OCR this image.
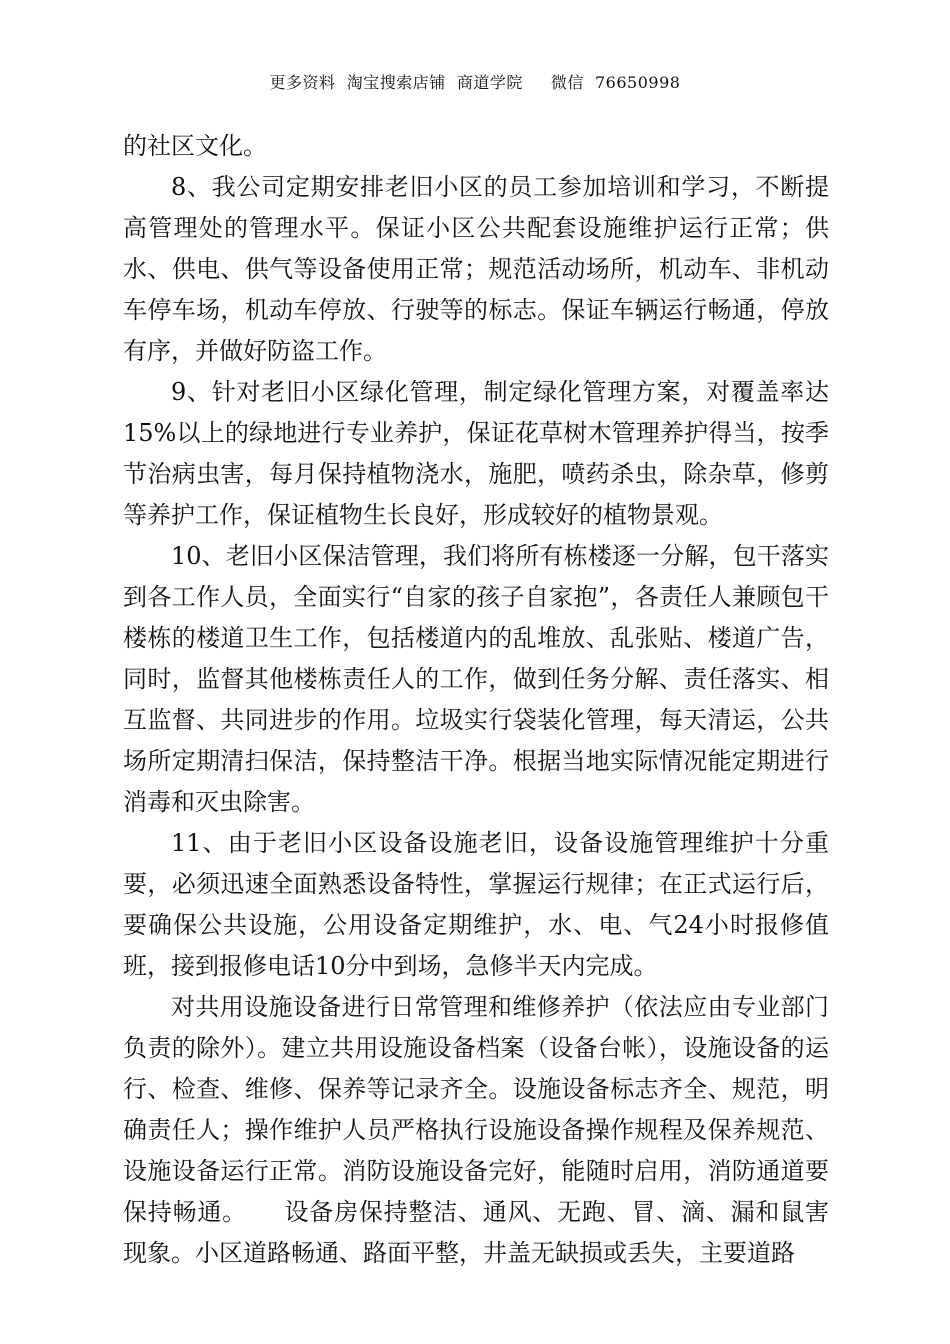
更多资料  淘宝搜索店铺  商道学院     微信  76650998

的社区文化。

8、我公司定期安排老旧小区的员工参加培训和学习，不断提高管理处的管理水平。保证小区公共配套设施维护运行正常；供水、供电、供气等设备使用正常；规范活动场所，机动车、非机动车停车场，机动车停放、行驶等的标志。保证车辆运行畅通，停放有序，并做好防盗工作。

9、针对老旧小区绿化管理，制定绿化管理方案，对覆盖率达15%以上的绿地进行专业养护，保证花草树木管理养护得当，按季节治病虫害，每月保持植物浇水，施肥，喷药杀虫，除杂草，修剪等养护工作，保证植物生长良好，形成较好的植物景观。

10、老旧小区保洁管理，我们将所有栋楼逐一分解，包干落实到各工作人员，全面实行“自家的孩子自家抱”，各责任人兼顾包干楼栋的楼道卫生工作，包括楼道内的乱堆放、乱张贴、楼道广告，同时，监督其他楼栋责任人的工作，做到任务分解、责任落实、相互监督、共同进步的作用。垃圾实行袋装化管理，每天清运，公共场所定期清扫保洁，保持整洁干净。根据当地实际情况能定期进行消毒和灭虫除害。

11、由于老旧小区设备设施老旧，设备设施管理维护十分重要，必须迅速全面熟悉设备特性，掌握运行规律；在正式运行后，要确保公共设施，公用设备定期维护，水、电、气24小时报修值班，接到报修电话10分中到场，急修半天内完成。

对共用设施设备进行日常管理和维修养护（依法应由专业部门负责的除外）。建立共用设施设备档案（设备台帐），设施设备的运行、检查、维修、保养等记录齐全。设施设备标志齐全、规范，明确责任人；操作维护人员严格执行设施设备操作规程及保养规范、设施设备运行正常。消防设施设备完好，能随时启用，消防通道要保持畅通。　　设备房保持整洁、通风、无跑、冒、滴、漏和鼠害现象。小区道路畅通、路面平整，井盖无缺损或丢失，主要道路
